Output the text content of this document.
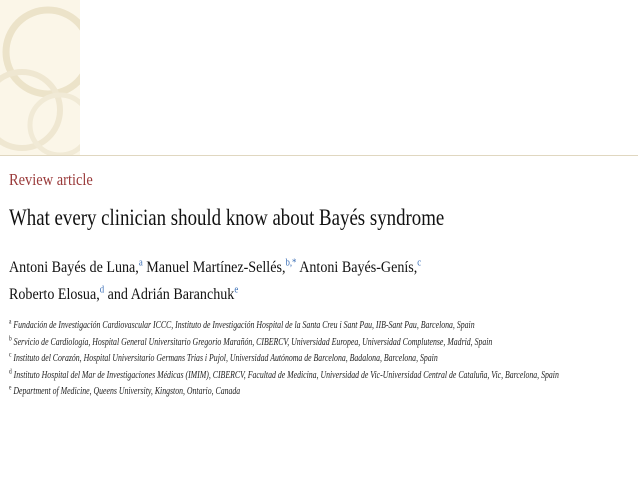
Review article
What every clinician should know about Bayés syndrome
Antoni Bayés de Luna,$^a$ Manuel Martínez-Sellés,$^{b,*}$ Antoni Bayés-Genís,$^c$
Roberto Elosua,$^d$ and Adrián Baranchuk$^e$
$^a$ Fundación de Investigación Cardiovascular ICCC, Instituto de Investigación Hospital de la Santa Creu i Sant Pau, IIB-Sant Pau, Barcelona, Spain
$^b$ Servicio de Cardiología, Hospital General Universitario Gregorio Marañón, CIBERCV, Universidad Europea, Universidad Complutense, Madrid, Spain
$^c$ Instituto del Corazón, Hospital Universitario Germans Trias i Pujol, Universidad Autónoma de Barcelona, Badalona, Barcelona, Spain
$^d$ Instituto Hospital del Mar de Investigaciones Médicas (IMIM), CIBERCV, Facultad de Medicina, Universidad de Vic-Universidad Central de Cataluña, Vic, Barcelona, Spain
$^e$ Department of Medicine, Queens University, Kingston, Ontario, Canada
